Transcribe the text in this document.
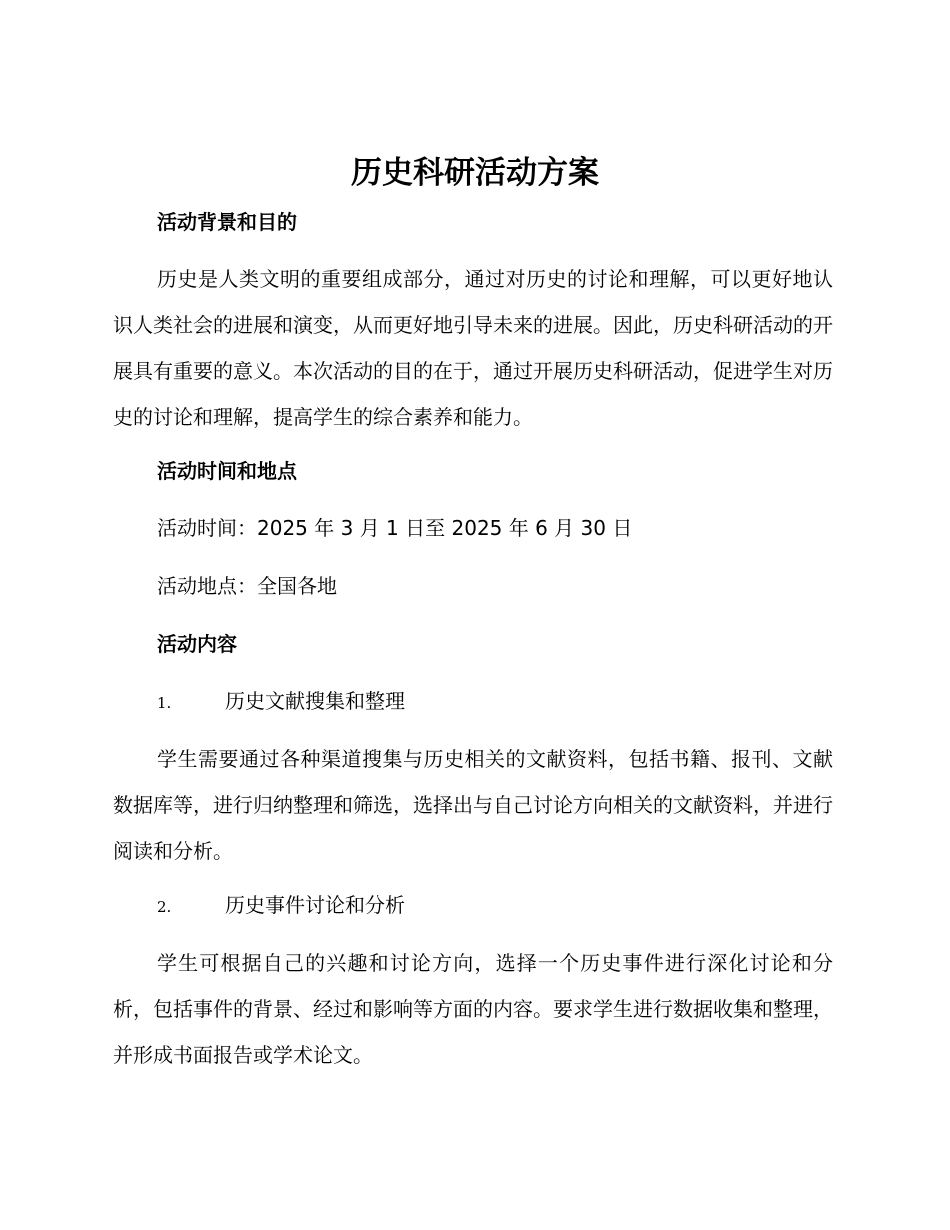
历史科研活动方案
活动背景和目的

历史是人类文明的重要组成部分，通过对历史的讨论和理解，可以更好地认识人类社会的进展和演变，从而更好地引导未来的进展。因此，历史科研活动的开展具有重要的意义。本次活动的目的在于，通过开展历史科研活动，促进学生对历史的讨论和理解，提高学生的综合素养和能力。

活动时间和地点

活动时间：2025 年 3 月 1 日至 2025 年 6 月 30 日

活动地点：全国各地

活动内容
1.	历史文献搜集和整理

学生需要通过各种渠道搜集与历史相关的文献资料，包括书籍、报刊、文献数据库等，进行归纳整理和筛选，选择出与自己讨论方向相关的文献资料，并进行阅读和分析。

2.	历史事件讨论和分析

学生可根据自己的兴趣和讨论方向，选择一个历史事件进行深化讨论和分析，包括事件的背景、经过和影响等方面的内容。要求学生进行数据收集和整理，并形成书面报告或学术论文。
